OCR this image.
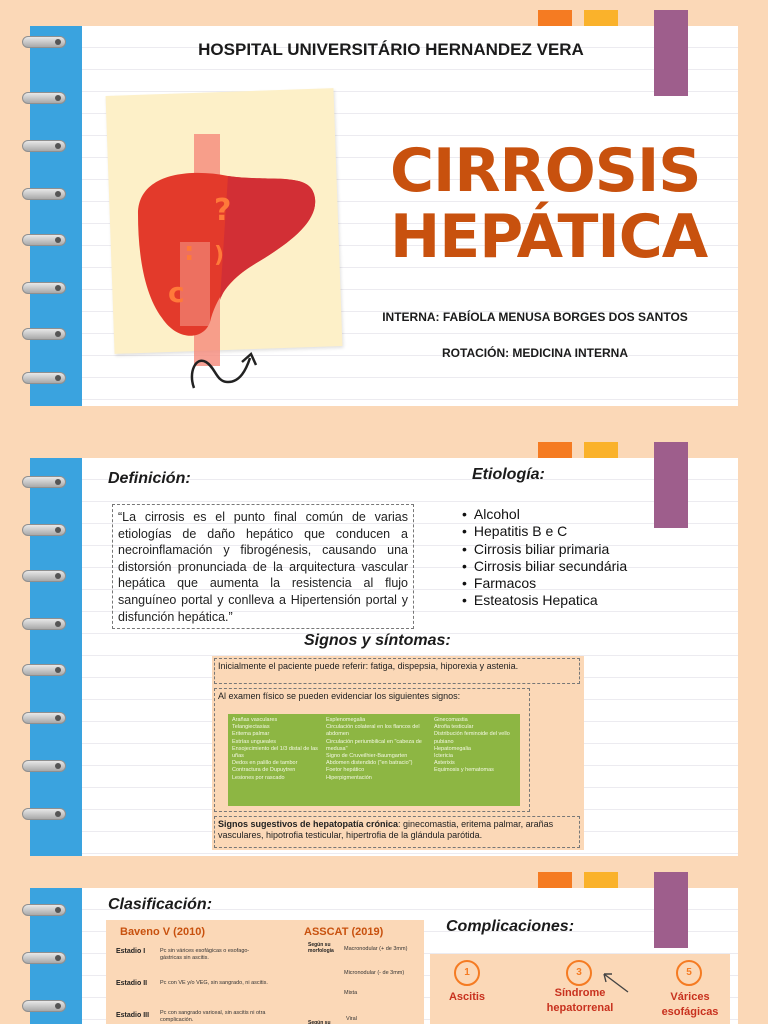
HOSPITAL UNIVERSITÁRIO HERNANDEZ VERA
?
: )
c
CIRROSIS
HEPÁTICA
INTERNA: FABÍOLA MENUSA BORGES DOS SANTOS
ROTACIÓN: MEDICINA INTERNA
Definición:
“La cirrosis es el punto final común de varias etiologías de daño hepático que conducen a necroinflamación y fibrogénesis, causando una distorsión pronunciada de la arquitectura vascular hepática que aumenta la resistencia al flujo sanguíneo portal y conlleva a Hipertensión portal y disfunción hepática.”
Etiología:
• Alcohol
• Hepatitis B e C
• Cirrosis biliar primaria
• Cirrosis biliar secundária
• Farmacos
• Esteatosis Hepatica
Signos y síntomas:
Inicialmente el paciente puede referir: fatiga, dispepsia, hiporexia y astenia.
Al examen físico se pueden evidenciar los siguientes signos:
Arañas vasculares
Telangiectasias
Eritema palmar
Estrías ungueales
Ensojecimiento del 1/3 distal de las uñas
Dedos en palillo de tambor
Contractura de Dupuytren
Lesiones por rascado
Esplenomegalia
Circulación colateral en los flancos del abdomen
Circulación periumbilical en "cabeza de medusa"
Signo de Cruveilhier-Baumgarten
Abdomen distendido ("en batracio")
Foetor hepático
Hiperpigmentación
Ginecomastia
Atrofia testicular
Distribución feminoide del vello pubiano
Hepatomegalia
Ictericia
Asterixis
Equimosis y hematomas
Signos sugestivos de hepatopatía crónica: ginecomastia, eritema palmar, arañas vasculares, hipotrofia testicular, hipertrofia de la glándula parótida.
Clasificación:
Baveno V (2010)	ASSCAT (2019)
Estadio I	Pc sin várices esofágicas o esofago-gástricas sin ascitis.
Estadio II Pc con VE y/o VEG, sin sangrado, ni ascitis.
Estadio III Pc con sangrado variceal, sin ascitis ni otra complicación.
Según su morfología	Macronodular (+ de 3mm)
Micronodular (- de 3mm)
Mixta
Viral
Según su
Complicaciones:
1
Ascitis
3
Síndrome hepatorrenal
5
Várices esofágicas
